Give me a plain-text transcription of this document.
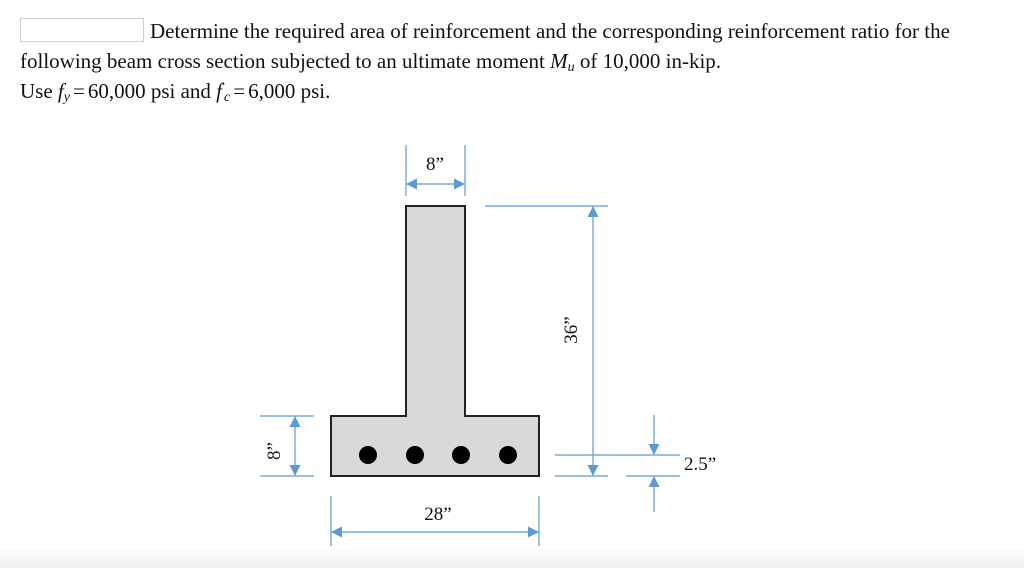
Determine the required area of reinforcement and the corresponding reinforcement ratio for the following beam cross section subjected to an ultimate moment $M_u$ of 10,000 in-kip.
Use $f_y = 60,000$ psi and $f'_c = 6,000$ psi.
8”
36”
8”
28”
2.5”
